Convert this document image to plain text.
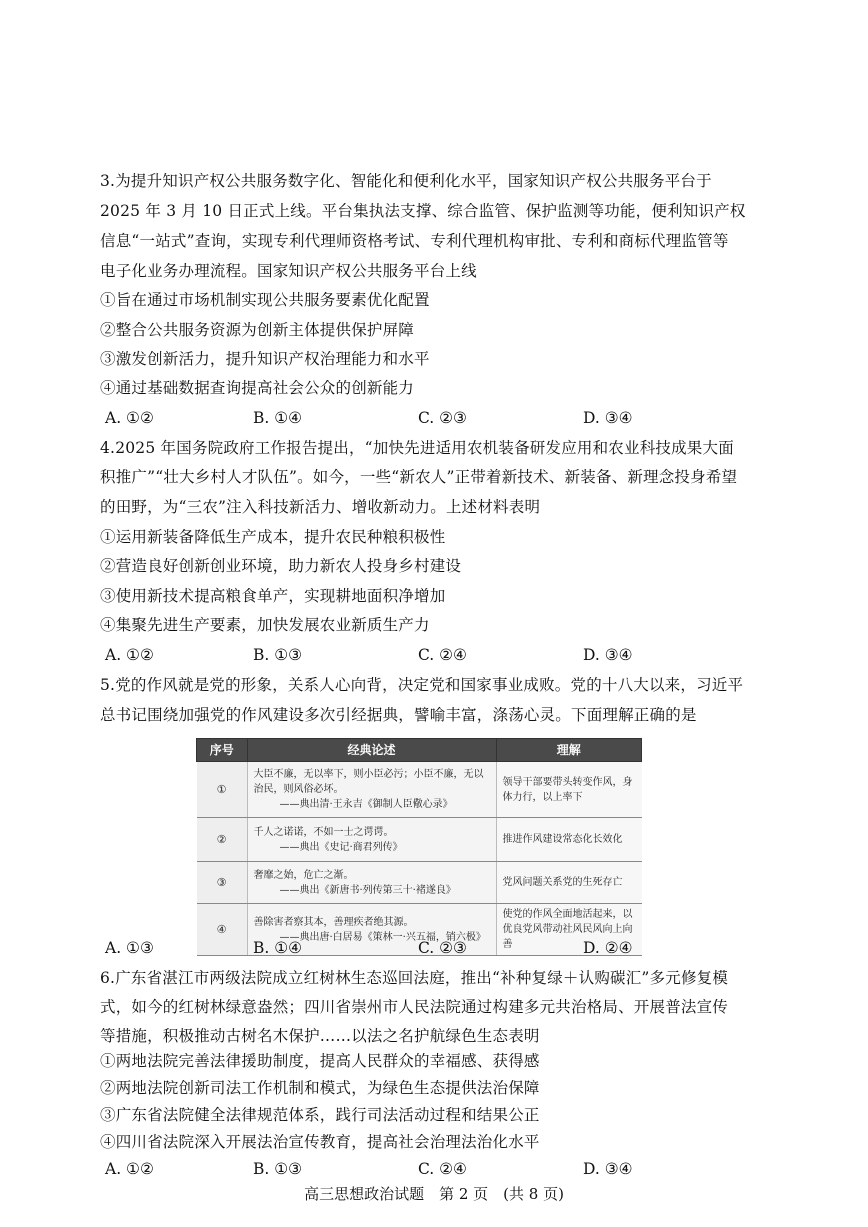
3.为提升知识产权公共服务数字化、智能化和便利化水平，国家知识产权公共服务平台于
2025 年 3 月 10 日正式上线。平台集执法支撑、综合监管、保护监测等功能，便利知识产权
信息“一站式”查询，实现专利代理师资格考试、专利代理机构审批、专利和商标代理监管等
电子化业务办理流程。国家知识产权公共服务平台上线
①旨在通过市场机制实现公共服务要素优化配置
②整合公共服务资源为创新主体提供保护屏障
③激发创新活力，提升知识产权治理能力和水平
④通过基础数据查询提高社会公众的创新能力
A. ①②	B. ①④	C. ②③	D. ③④
4.2025 年国务院政府工作报告提出，“加快先进适用农机装备研发应用和农业科技成果大面
积推广”“壮大乡村人才队伍”。如今，一些“新农人”正带着新技术、新装备、新理念投身希望
的田野，为“三农”注入科技新活力、增收新动力。上述材料表明
①运用新装备降低生产成本，提升农民种粮积极性
②营造良好创新创业环境，助力新农人投身乡村建设
③使用新技术提高粮食单产，实现耕地面积净增加
④集聚先进生产要素，加快发展农业新质生产力
A. ①②	B. ①③	C. ②④	D. ③④
5.党的作风就是党的形象，关系人心向背，决定党和国家事业成败。党的十八大以来，习近平
总书记围绕加强党的作风建设多次引经据典，譬喻丰富，涤荡心灵。下面理解正确的是
序号	经典论述	理解
①	大臣不廉，无以率下，则小臣必污；小臣不廉，无以治民，则风俗必坏。
——典出清·王永吉《御制人臣儆心录》	领导干部要带头转变作风，身体力行，以上率下
②	千人之诺诺，不如一士之谔谔。
——典出《史记·商君列传》	推进作风建设常态化长效化
③	奢靡之始，危亡之渐。
——典出《新唐书·列传第三十·褚遂良》	党风问题关系党的生死存亡
④	善除害者察其本，善理疾者绝其源。
——典出唐·白居易《策林一·兴五福，销六极》	使党的作风全面地活起来，以优良党风带动社风民风向上向善
A. ①③	B. ①④	C. ②③	D. ②④
6.广东省湛江市两级法院成立红树林生态巡回法庭，推出“补种复绿＋认购碳汇”多元修复模
式，如今的红树林绿意盎然；四川省崇州市人民法院通过构建多元共治格局、开展普法宣传
等措施，积极推动古树名木保护……以法之名护航绿色生态表明
①两地法院完善法律援助制度，提高人民群众的幸福感、获得感
②两地法院创新司法工作机制和模式，为绿色生态提供法治保障
③广东省法院健全法律规范体系，践行司法活动过程和结果公正
④四川省法院深入开展法治宣传教育，提高社会治理法治化水平
A. ①②	B. ①③	C. ②④	D. ③④
高三思想政治试题　第 2 页　(共 8 页)
